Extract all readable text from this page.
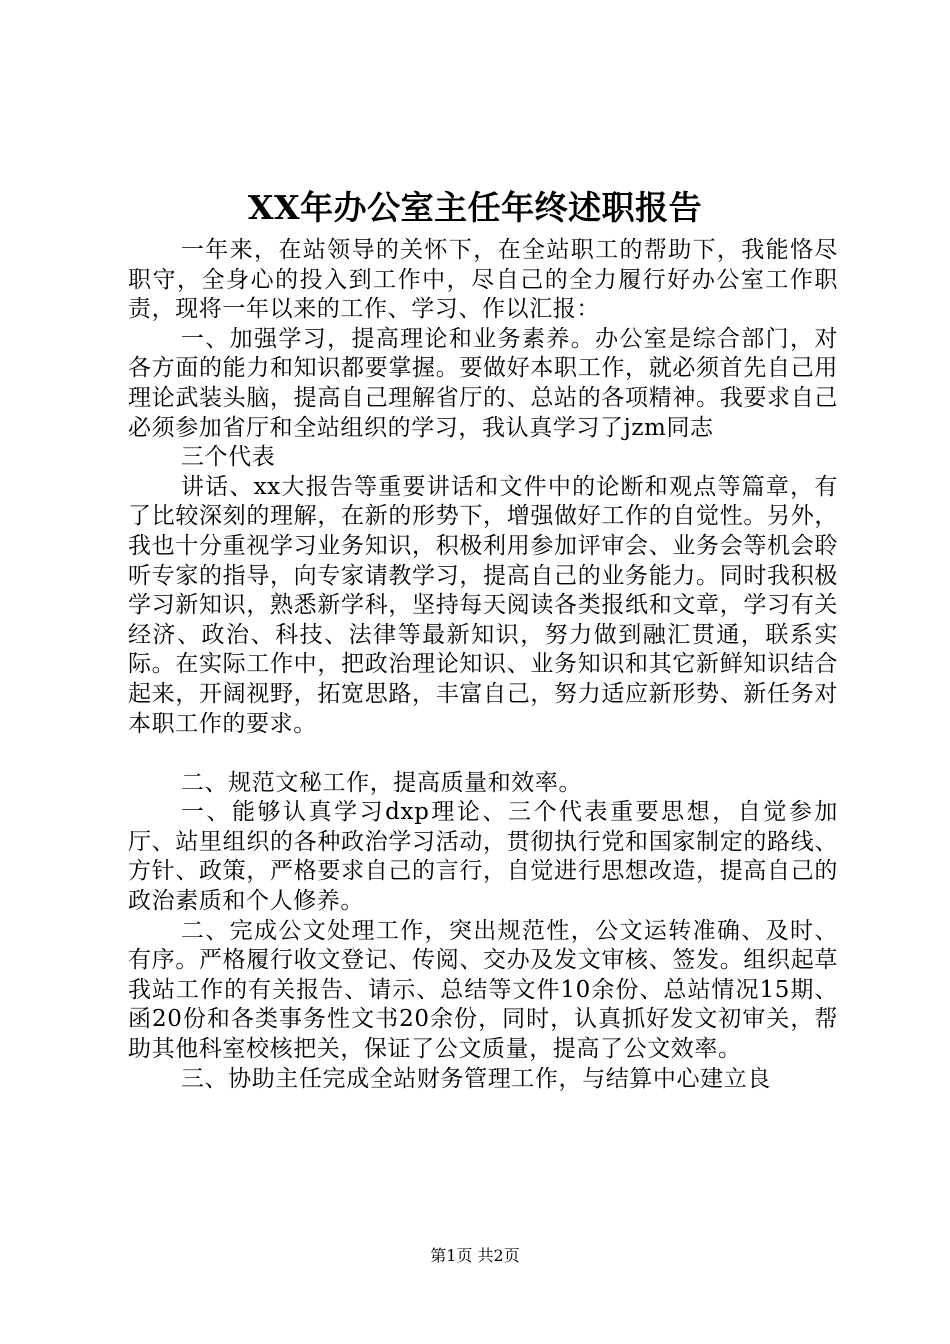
XX年办公室主任年终述职报告

一年来，在站领导的关怀下，在全站职工的帮助下，我能恪尽职守，全身心的投入到工作中，尽自己的全力履行好办公室工作职责，现将一年以来的工作、学习、作以汇报：

一、加强学习，提高理论和业务素养。办公室是综合部门，对各方面的能力和知识都要掌握。要做好本职工作，就必须首先自己用理论武装头脑，提高自己理解省厅的、总站的各项精神。我要求自己必须参加省厅和全站组织的学习，我认真学习了jzm同志

三个代表

讲话、xx大报告等重要讲话和文件中的论断和观点等篇章，有了比较深刻的理解，在新的形势下，增强做好工作的自觉性。另外，我也十分重视学习业务知识，积极利用参加评审会、业务会等机会聆听专家的指导，向专家请教学习，提高自己的业务能力。同时我积极学习新知识，熟悉新学科，坚持每天阅读各类报纸和文章，学习有关经济、政治、科技、法律等最新知识，努力做到融汇贯通，联系实际。在实际工作中，把政治理论知识、业务知识和其它新鲜知识结合起来，开阔视野，拓宽思路，丰富自己，努力适应新形势、新任务对本职工作的要求。

二、规范文秘工作，提高质量和效率。

一、能够认真学习dxp理论、三个代表重要思想，自觉参加厅、站里组织的各种政治学习活动，贯彻执行党和国家制定的路线、方针、政策，严格要求自己的言行，自觉进行思想改造，提高自己的政治素质和个人修养。

二、完成公文处理工作，突出规范性，公文运转准确、及时、有序。严格履行收文登记、传阅、交办及发文审核、签发。组织起草我站工作的有关报告、请示、总结等文件10余份、总站情况15期、函20份和各类事务性文书20余份，同时，认真抓好发文初审关，帮助其他科室校核把关，保证了公文质量，提高了公文效率。

三、协助主任完成全站财务管理工作，与结算中心建立良

第1页 共2页
